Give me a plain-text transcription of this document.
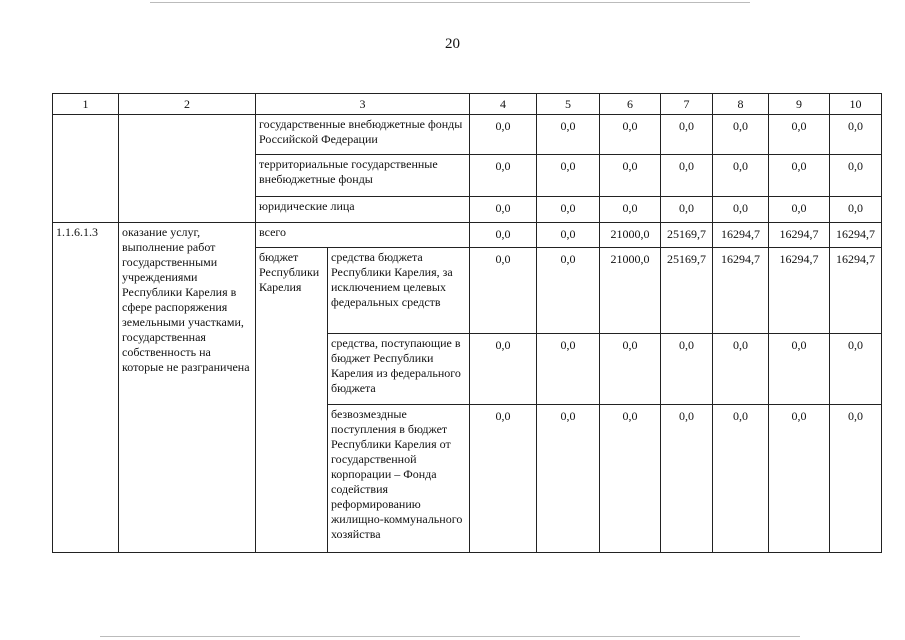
20
1	2	3		4	5	6	7	8	9	10
		государственные внебюджетные фонды Российской Федерации		0,0	0,0	0,0	0,0	0,0	0,0	0,0
		территориальные государственные внебюджетные фонды		0,0	0,0	0,0	0,0	0,0	0,0	0,0
		юридические лица		0,0	0,0	0,0	0,0	0,0	0,0	0,0
1.1.6.1.3	оказание услуг, выполнение работ государственными учреждениями Республики Карелия в сфере распоряжения земельными участками, государственная собственность на которые не разграничена	всего		0,0	0,0	21000,0	25169,7	16294,7	16294,7	16294,7
		бюджет Республики Карелия	средства бюджета Республики Карелия, за исключением целевых федеральных средств	0,0	0,0	21000,0	25169,7	16294,7	16294,7	16294,7
			средства, поступающие в бюджет Республики Карелия из федерального бюджета	0,0	0,0	0,0	0,0	0,0	0,0	0,0
			безвозмездные поступления в бюджет Республики Карелия от государственной корпорации – Фонда содействия реформированию жилищно-коммунального хозяйства	0,0	0,0	0,0	0,0	0,0	0,0	0,0
